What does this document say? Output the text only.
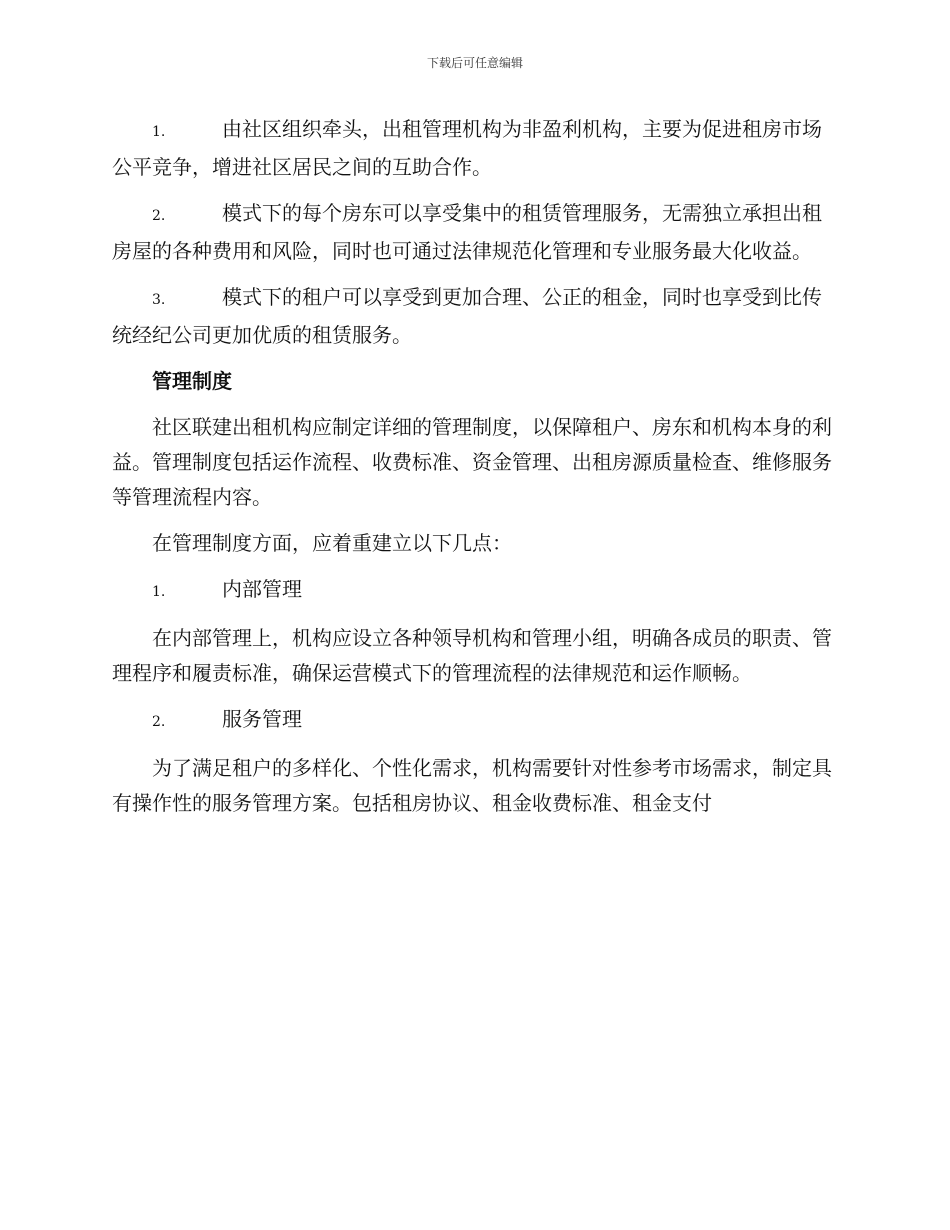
下载后可任意编辑
1.	由社区组织牵头，出租管理机构为非盈利机构，主要为促进租房市场公平竞争，增进社区居民之间的互助合作。
2.	模式下的每个房东可以享受集中的租赁管理服务，无需独立承担出租房屋的各种费用和风险，同时也可通过法律规范化管理和专业服务最大化收益。
3.	模式下的租户可以享受到更加合理、公正的租金，同时也享受到比传统经纪公司更加优质的租赁服务。
管理制度
社区联建出租机构应制定详细的管理制度，以保障租户、房东和机构本身的利益。管理制度包括运作流程、收费标准、资金管理、出租房源质量检查、维修服务等管理流程内容。
在管理制度方面，应着重建立以下几点：
1.	内部管理
在内部管理上，机构应设立各种领导机构和管理小组，明确各成员的职责、管理程序和履责标准，确保运营模式下的管理流程的法律规范和运作顺畅。
2.	服务管理
为了满足租户的多样化、个性化需求，机构需要针对性参考市场需求，制定具有操作性的服务管理方案。包括租房协议、租金收费标准、租金支付
